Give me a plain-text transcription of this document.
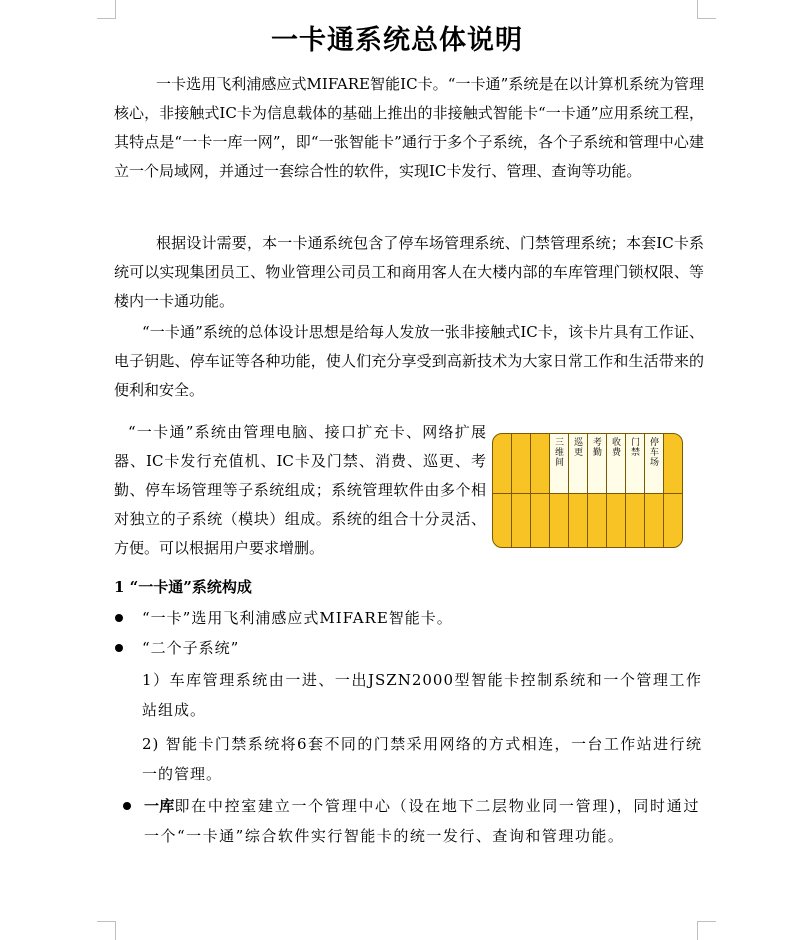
一卡通系统总体说明

一卡选用飞利浦感应式MIFARE智能IC卡。“一卡通”系统是在以计算机系统为管理核心，非接触式IC卡为信息载体的基础上推出的非接触式智能卡“一卡通”应用系统工程，其特点是“一卡一库一网”，即“一张智能卡”通行于多个子系统，各个子系统和管理中心建立一个局域网，并通过一套综合性的软件，实现IC卡发行、管理、查询等功能。

根据设计需要，本一卡通系统包含了停车场管理系统、门禁管理系统；本套IC卡系统可以实现集团员工、物业管理公司员工和商用客人在大楼内部的车库管理门锁权限、等楼内一卡通功能。

“一卡通”系统的总体设计思想是给每人发放一张非接触式IC卡，该卡片具有工作证、电子钥匙、停车证等各种功能，使人们充分享受到高新技术为大家日常工作和生活带来的便利和安全。

“一卡通”系统由管理电脑、接口扩充卡、网络扩展器、IC卡发行充值机、IC卡及门禁、消费、巡更、考勤、停车场管理等子系统组成；系统管理软件由多个相对独立的子系统（模块）组成。系统的组合十分灵活、方便。可以根据用户要求增删。

三
维
间
巡
更
考
勤
收
费
门
禁
停
车
场
1 “一卡通”系统构成
“一卡”选用飞利浦感应式MIFARE智能卡。
“二个子系统”

1）车库管理系统由一进、一出JSZN2000型智能卡控制系统和一个管理工作站组成。

2) 智能卡门禁系统将6套不同的门禁采用网络的方式相连，一台工作站进行统一的管理。

一库即在中控室建立一个管理中心（设在地下二层物业同一管理)，同时通过一个“一卡通”综合软件实行智能卡的统一发行、查询和管理功能。
